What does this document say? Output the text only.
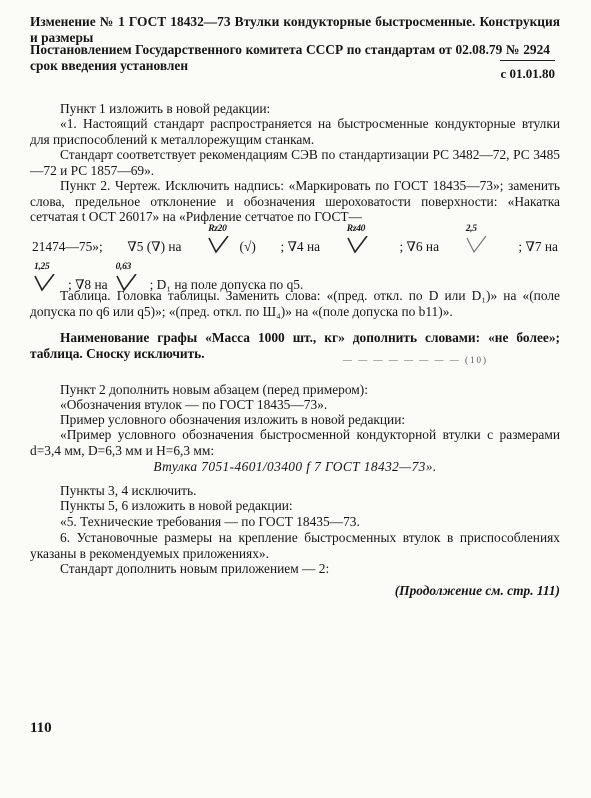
Изменение № 1 ГОСТ 18432—73 Втулки кондукторные быстросменные. Конструкция и размеры
Постановлением Государственного комитета СССР по стандартам от 02.08.79 № 2924 срок введения установлен
с 01.01.80
Пункт 1 изложить в новой редакции:
«1. Настоящий стандарт распространяется на быстросменные кондукторные втулки для приспособлений к металлорежущим станкам.
Стандарт соответствует рекомендациям СЭВ по стандартизации РС 3482—72, РС 3485—72 и РС 1857—69».
Пункт 2. Чертеж. Исключить надпись: «Маркировать по ГОСТ 18435—73»; заменить слова, предельное отклонение и обозначения шероховатости поверхности: «Накатка сетчатая t ОСТ 26017» на «Рифление сетчатое по ГОСТ—
21474—75»; ∇5 (∇) на
Rz20
(√) ; ∇4 на
Rz40
; ∇6 на
2,5
; ∇7 на
1,25
; ∇8 на
0,63
; D₁ на поле допуска по q5.
Таблица. Головка таблицы. Заменить слова: «(пред. откл. по D или D₁)» на «(поле допуска по q6 или q5)»; «(пред. откл. по Ш₄)» на «(поле допуска по b11)».
Наименование графы «Масса 1000 шт., кг» дополнить словами: «не более»; таблица. Сноску исключить.	— — — — — — — — (10)
Пункт 2 дополнить новым абзацем (перед примером):
«Обозначения втулок — по ГОСТ 18435—73».
Пример условного обозначения изложить в новой редакции:
«Пример условного обозначения быстросменной кондукторной втулки с размерами d=3,4 мм, D=6,3 мм и H=6,3 мм:
Втулка 7051-4601/03400 f 7 ГОСТ 18432—73».
Пункты 3, 4 исключить.
Пункты 5, 6 изложить в новой редакции:
«5. Технические требования — по ГОСТ 18435—73.
6. Установочные размеры на крепление быстросменных втулок в приспособлениях указаны в рекомендуемых приложениях».
Стандарт дополнить новым приложением — 2:
(Продолжение см. стр. 111)
110
